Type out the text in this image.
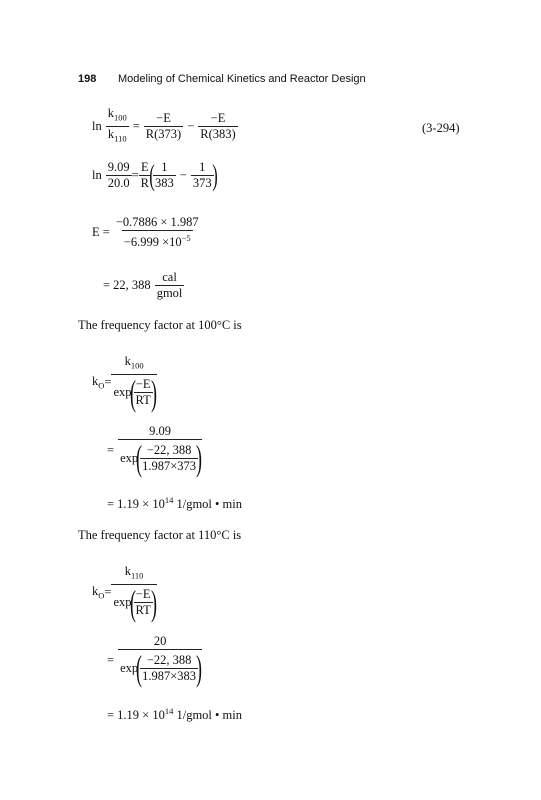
198 Modeling of Chemical Kinetics and Reactor Design
$\ln \frac{k_{100}}{k_{110}} = \frac{-E}{R(373)} - \frac{-E}{R(383)}$	(3-294)
$\ln \frac{9.09}{20.0} = \frac{E}{R}$
(
$\frac{1}{383} - \frac{1}{373}$
)
$E = \frac{-0.7886 \times 1.987}{-6.999 \times 10^{-5}}$
= 22, $388 \frac{\text{cal}}{\text{gmol}}$
The frequency factor at 100°C is
$k_O = k_{100}$
exp
(
$\frac{-E}{RT}$
)
= 9.09
exp
(
$\frac{-22, 388}{1.987\times 373}$
)
= $1.19 \times 10^{14}$ 1/gmol • min
The frequency factor at 110°C is
$k_O = k_{110}$
exp
(
$\frac{-E}{RT}$
)
= 20
exp
(
$\frac{-22, 388}{1.987\times 383}$
)
= $1.19 \times 10^{14}$ 1/gmol • min
